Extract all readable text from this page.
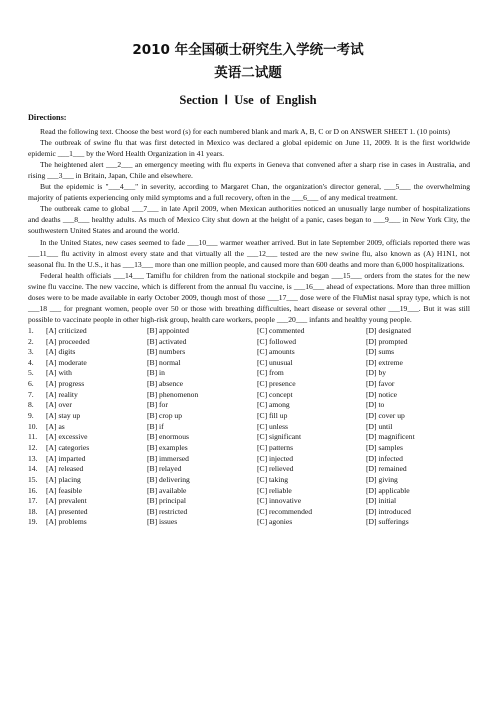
2010 年全国硕士研究生入学统一考试
英语二试题
Section Ⅰ Use of English
Directions:

Read the following text. Choose the best word (s) for each numbered blank and mark A, B, C or D on ANSWER SHEET 1. (10 points)

The outbreak of swine flu that was first detected in Mexico was declared a global epidemic on June 11, 2009. It is the first worldwide epidemic ___1___ by the Word Health Organization in 41 years.

The heightened alert ___2___ an emergency meeting with flu experts in Geneva that convened after a sharp rise in cases in Australia, and rising ___3___ in Britain, Japan, Chile and elsewhere.

But the epidemic is "___4___" in severity, according to Margaret Chan, the organization's director general, ___5___ the overwhelming majority of patients experiencing only mild symptoms and a full recovery, often in the ___6___ of any medical treatment.

The outbreak came to global ___7___ in late April 2009, when Mexican authorities noticed an unusually large number of hospitalizations and deaths ___8___ healthy adults. As much of Mexico City shut down at the height of a panic, cases began to ___9___ in New York City, the southwestern United States and around the world.

In the United States, new cases seemed to fade ___10___ warmer weather arrived. But in late September 2009, officials reported there was ___11___ flu activity in almost every state and that virtually all the ___12___ tested are the new swine flu, also known as (A) H1N1, not seasonal flu. In the U.S., it has ___13___ more than one million people, and caused more than 600 deaths and more than 6,000 hospitalizations.

Federal health officials ___14___ Tamiflu for children from the national stockpile and began ___15___ orders from the states for the new swine flu vaccine. The new vaccine, which is different from the annual flu vaccine, is ___16___ ahead of expectations. More than three million doses were to be made available in early October 2009, though most of those ___17___ dose were of the FluMist nasal spray type, which is not ___18 ___ for pregnant women, people over 50 or those with breathing difficulties, heart disease or several other ___19___. But it was still possible to vaccinate people in other high-risk group, health care workers, people ___20___ infants and healthy young people.

1.	[A] criticized	[B] appointed	[C] commented	[D] designated
2.	[A] proceeded	[B] activated	[C] followed	[D] prompted
3.	[A] digits	[B] numbers	[C] amounts	[D] sums
4.	[A] moderate	[B] normal	[C] unusual	[D] extreme
5.	[A] with	[B] in	[C] from	[D] by
6.	[A] progress	[B] absence	[C] presence	[D] favor
7.	[A] reality	[B] phenomenon	[C] concept	[D] notice
8.	[A] over	[B] for	[C] among	[D] to
9.	[A] stay up	[B] crop up	[C] fill up	[D] cover up
10.	[A] as	[B] if	[C] unless	[D] until
11.	[A] excessive	[B] enormous	[C] significant	[D] magnificent
12.	[A] categories	[B] examples	[C] patterns	[D] samples
13.	[A] imparted	[B] immersed	[C] injected	[D] infected
14.	[A] released	[B] relayed	[C] relieved	[D] remained
15.	[A] placing	[B] delivering	[C] taking	[D] giving
16.	[A] feasible	[B] available	[C] reliable	[D] applicable
17.	[A] prevalent	[B] principal	[C] innovative	[D] initial
18.	[A] presented	[B] restricted	[C] recommended	[D] introduced
19.	[A] problems	[B] issues	[C] agonies	[D] sufferings
